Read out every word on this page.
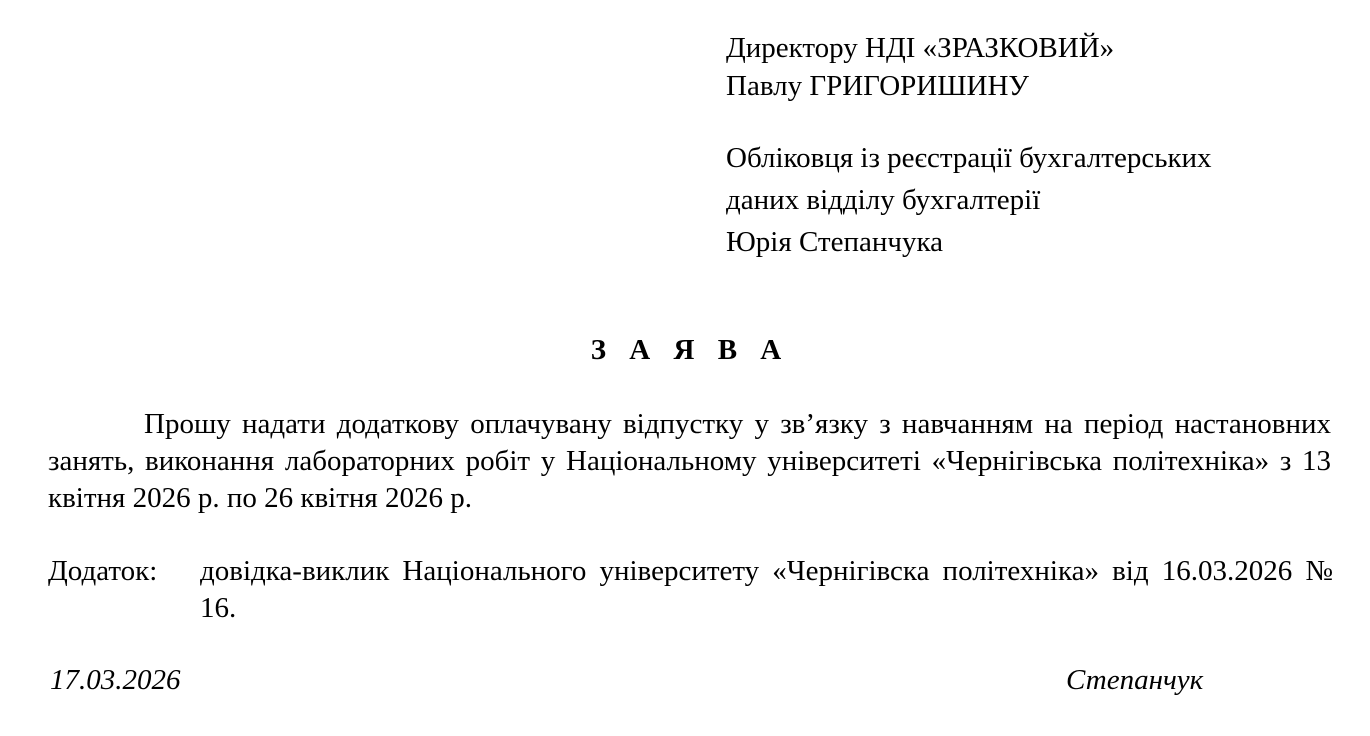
Директору НДІ «ЗРАЗКОВИЙ»
Павлу ГРИГОРИШИНУ
Обліковця із реєстрації бухгалтерських
даних відділу бухгалтерії
Юрія Степанчука
З А Я В А
Прошу надати додаткову оплачувану відпустку у зв’язку з навчанням на період настановних занять, виконання лабораторних робіт у Національному університеті «Чернігівська політехніка» з 13 квітня 2026 р. по 26 квітня 2026 р.
Додаток:	довідка-виклик Національного університету «Чернігівска політехніка» від 16.03.2026 № 16.
17.03.2026	Степанчук
